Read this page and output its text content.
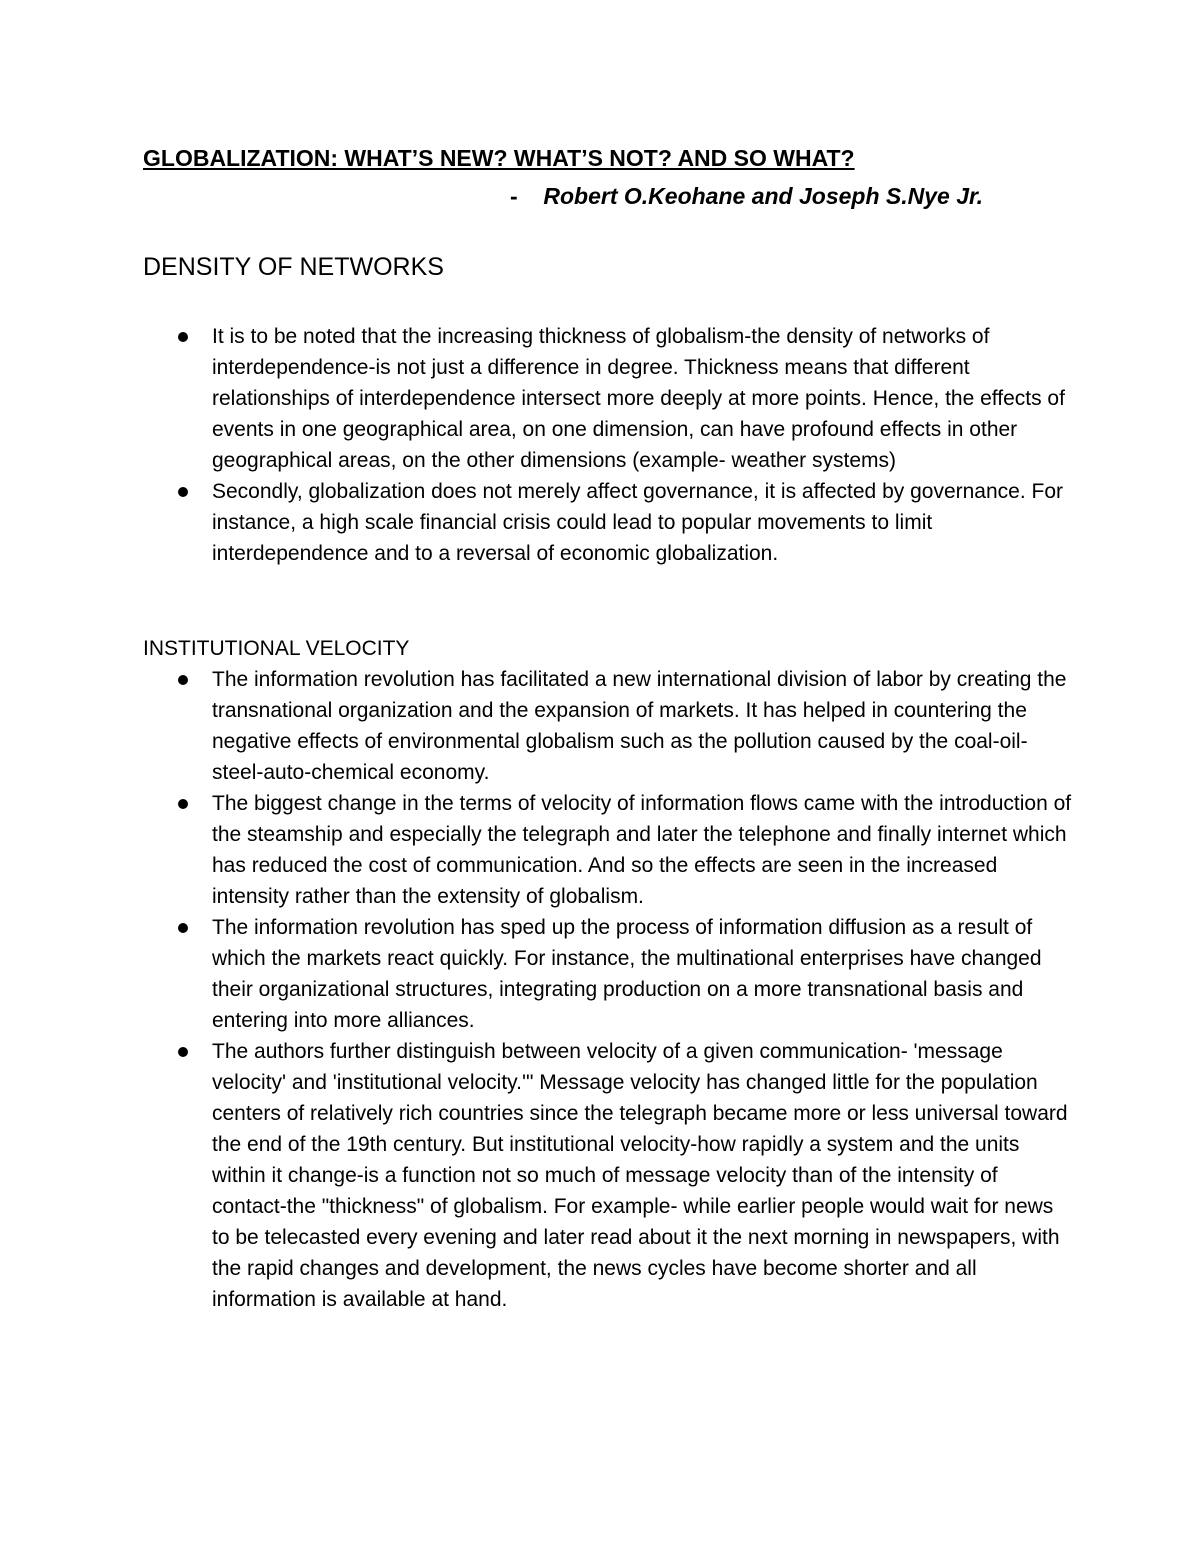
GLOBALIZATION: WHAT’S NEW? WHAT’S NOT? AND SO WHAT?
- Robert O.Keohane and Joseph S.Nye Jr.
DENSITY OF NETWORKS
It is to be noted that the increasing thickness of globalism-the density of networks of interdependence-is not just a difference in degree. Thickness means that different relationships of interdependence intersect more deeply at more points. Hence, the effects of events in one geographical area, on one dimension, can have profound effects in other geographical areas, on the other dimensions (example- weather systems)
Secondly, globalization does not merely affect governance, it is affected by governance. For instance, a high scale financial crisis could lead to popular movements to limit interdependence and to a reversal of economic globalization.
INSTITUTIONAL VELOCITY
The information revolution has facilitated a new international division of labor by creating the transnational organization and the expansion of markets. It has helped in countering the negative effects of environmental globalism such as the pollution caused by the coal-oil-steel-auto-chemical economy.
The biggest change in the terms of velocity of information flows came with the introduction of the steamship and especially the telegraph and later the telephone and finally internet which has reduced the cost of communication. And so the effects are seen in the increased intensity rather than the extensity of globalism.
The information revolution has sped up the process of information diffusion as a result of which the markets react quickly. For instance, the multinational enterprises have changed their organizational structures, integrating production on a more transnational basis and entering into more alliances.
The authors further distinguish between velocity of a given communication- 'message velocity' and 'institutional velocity.'" Message velocity has changed little for the population centers of relatively rich countries since the telegraph became more or less universal toward the end of the 19th century. But institutional velocity-how rapidly a system and the units within it change-is a function not so much of message velocity than of the intensity of contact-the "thickness" of globalism. For example- while earlier people would wait for news to be telecasted every evening and later read about it the next morning in newspapers, with the rapid changes and development, the news cycles have become shorter and all information is available at hand.
